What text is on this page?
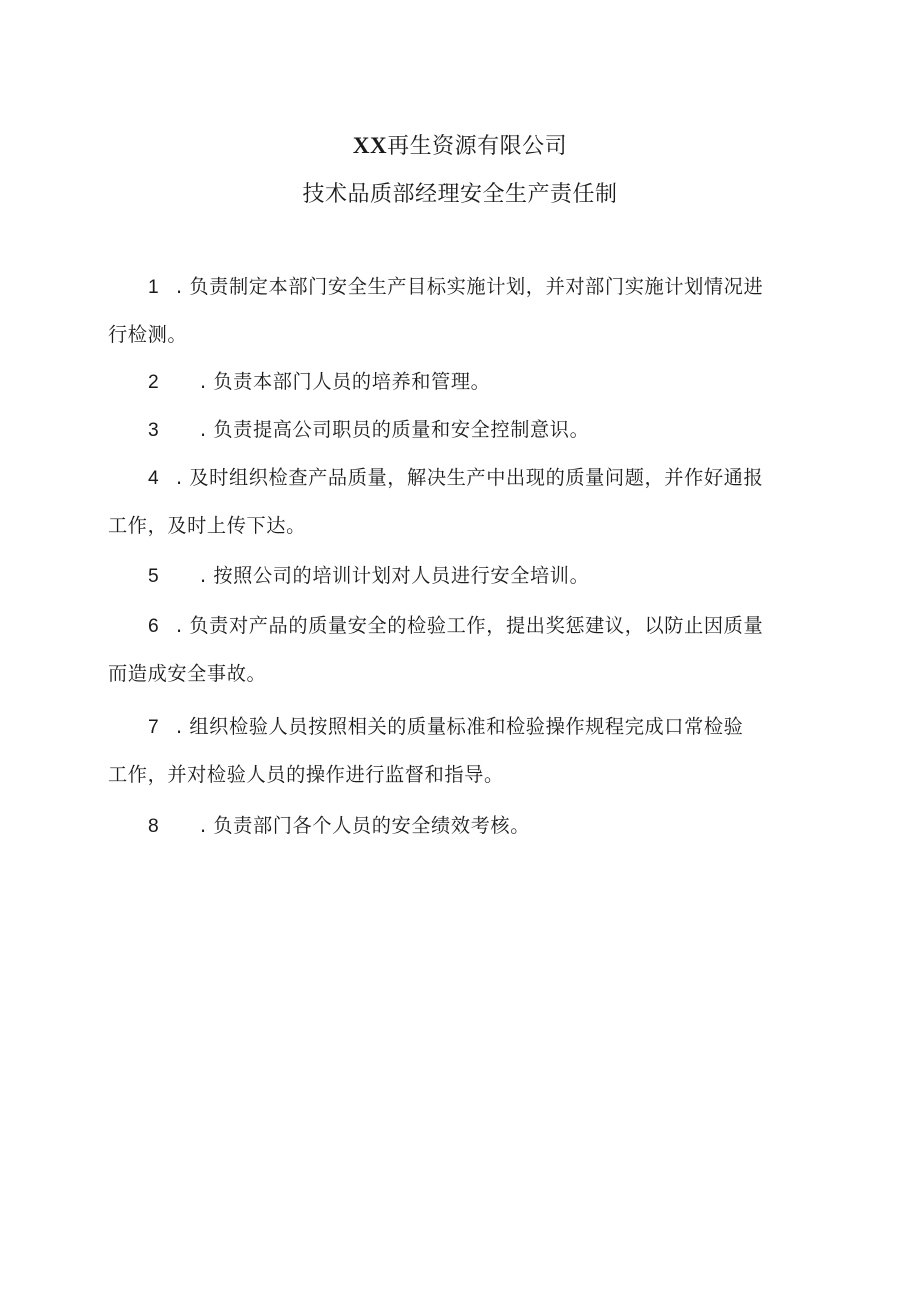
XX再生资源有限公司
技术品质部经理安全生产责任制
1 . 负责制定本部门安全生产目标实施计划，并对部门实施计划情况进
行检测。
2 . 负责本部门人员的培养和管理。
3 . 负责提高公司职员的质量和安全控制意识。
4 . 及时组织检查产品质量，解决生产中出现的质量问题，并作好通报
工作，及时上传下达。
5 . 按照公司的培训计划对人员进行安全培训。
6 . 负责对产品的质量安全的检验工作，提出奖惩建议，以防止因质量
而造成安全事故。
7 . 组织检验人员按照相关的质量标准和检验操作规程完成口常检验
工作，并对检验人员的操作进行监督和指导。
8 . 负责部门各个人员的安全绩效考核。
